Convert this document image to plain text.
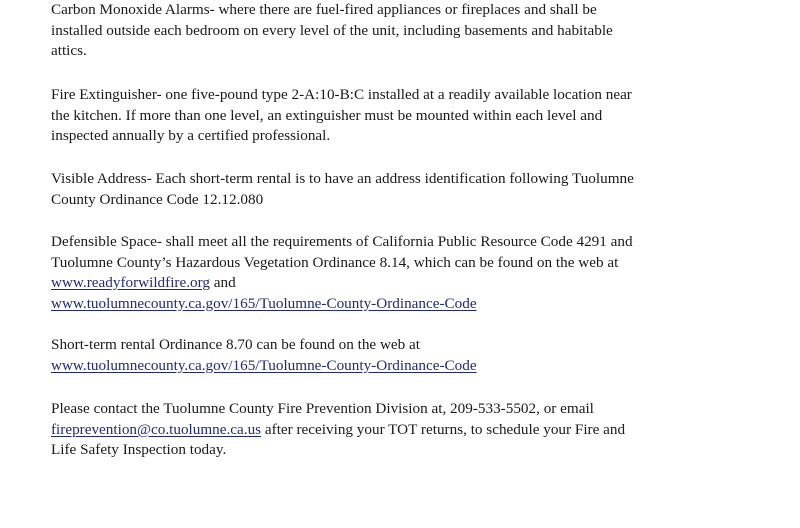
Carbon Monoxide Alarms- where there are fuel-fired appliances or fireplaces and shall be
installed outside each bedroom on every level of the unit, including basements and habitable
attics.
Fire Extinguisher- one five-pound type 2-A:10-B:C installed at a readily available location near
the kitchen. If more than one level, an extinguisher must be mounted within each level and
inspected annually by a certified professional.
Visible Address- Each short-term rental is to have an address identification following Tuolumne
County Ordinance Code 12.12.080
Defensible Space- shall meet all the requirements of California Public Resource Code 4291 and
Tuolumne County’s Hazardous Vegetation Ordinance 8.14, which can be found on the web at
www.readyforwildfire.org and
www.tuolumnecounty.ca.gov/165/Tuolumne-County-Ordinance-Code
Short-term rental Ordinance 8.70 can be found on the web at
www.tuolumnecounty.ca.gov/165/Tuolumne-County-Ordinance-Code
Please contact the Tuolumne County Fire Prevention Division at, 209-533-5502, or email
fireprevention@co.tuolumne.ca.us after receiving your TOT returns, to schedule your Fire and
Life Safety Inspection today.
